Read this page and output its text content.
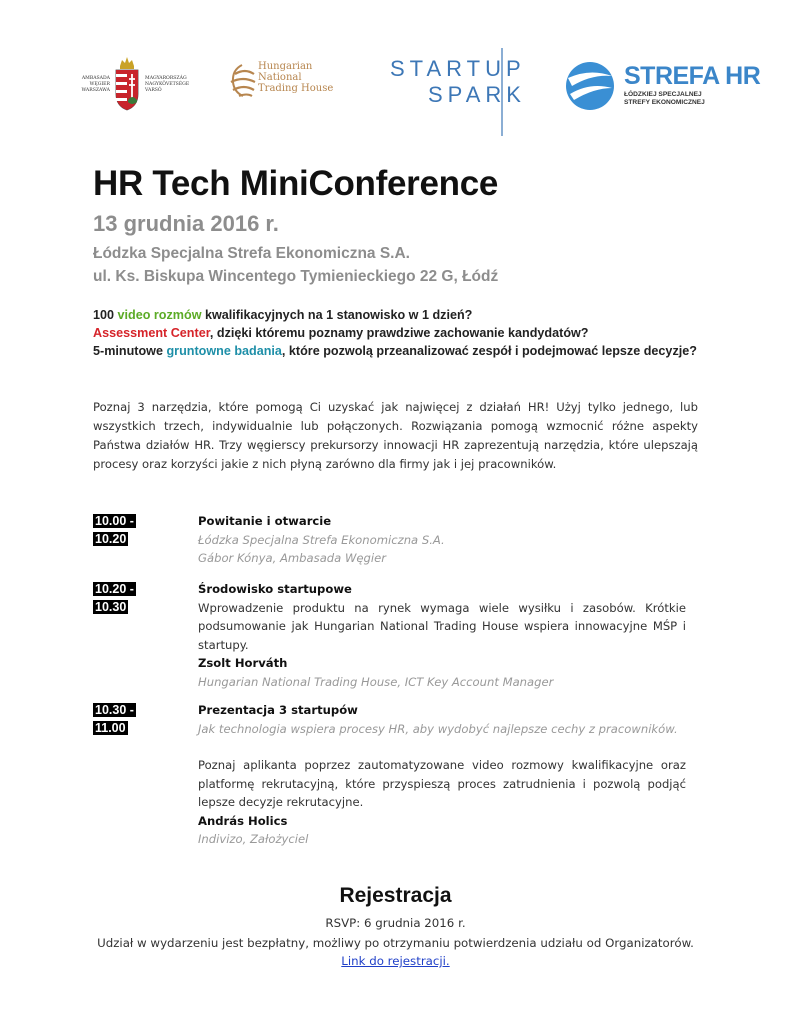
AMBASADA WĘGIER WARSZAWA
MAGYARORSZÁG NAGYKÖVETSÉGE VARSÓ
Hungarian
National
Trading House
STARTUP
SPARK
STREFA HR
ŁÓDZKIEJ SPECJALNEJ
STREFY EKONOMICZNEJ
HR Tech MiniConference
13 grudnia 2016 r.
Łódzka Specjalna Strefa Ekonomiczna S.A.
ul. Ks. Biskupa Wincentego Tymienieckiego 22 G, Łódź
100 video rozmów kwalifikacyjnych na 1 stanowisko w 1 dzień?
Assessment Center, dzięki któremu poznamy prawdziwe zachowanie kandydatów?
5-minutowe gruntowne badania, które pozwolą przeanalizować zespół i podejmować lepsze decyzje?
Poznaj 3 narzędzia, które pomogą Ci uzyskać jak najwięcej z działań HR! Użyj tylko jednego, lub wszystkich trzech, indywidualnie lub połączonych. Rozwiązania pomogą wzmocnić różne aspekty Państwa działów HR. Trzy węgierscy prekursorzy innowacji HR zaprezentują narzędzia, które ulepszają procesy oraz korzyści jakie z nich płyną zarówno dla firmy jak i jej pracowników.
10.00 -
10.20
Powitanie i otwarcie
Łódzka Specjalna Strefa Ekonomiczna S.A.
Gábor Kónya, Ambasada Węgier
10.20 -
10.30
Środowisko startupowe
Wprowadzenie produktu na rynek wymaga wiele wysiłku i zasobów. Krótkie podsumowanie jak Hungarian National Trading House wspiera innowacyjne MŚP i startupy.
Zsolt Horváth
Hungarian National Trading House, ICT Key Account Manager
10.30 -
11.00
Prezentacja 3 startupów
Jak technologia wspiera procesy HR, aby wydobyć najlepsze cechy z pracowników.
Poznaj aplikanta poprzez zautomatyzowane video rozmowy kwalifikacyjne oraz platformę rekrutacyjną, które przyspieszą proces zatrudnienia i pozwolą podjąć lepsze decyzje rekrutacyjne.
András Holics
Indivizo, Założyciel
Rejestracja
RSVP: 6 grudnia 2016 r.
Udział w wydarzeniu jest bezpłatny, możliwy po otrzymaniu potwierdzenia udziału od Organizatorów.
Link do rejestracji.
